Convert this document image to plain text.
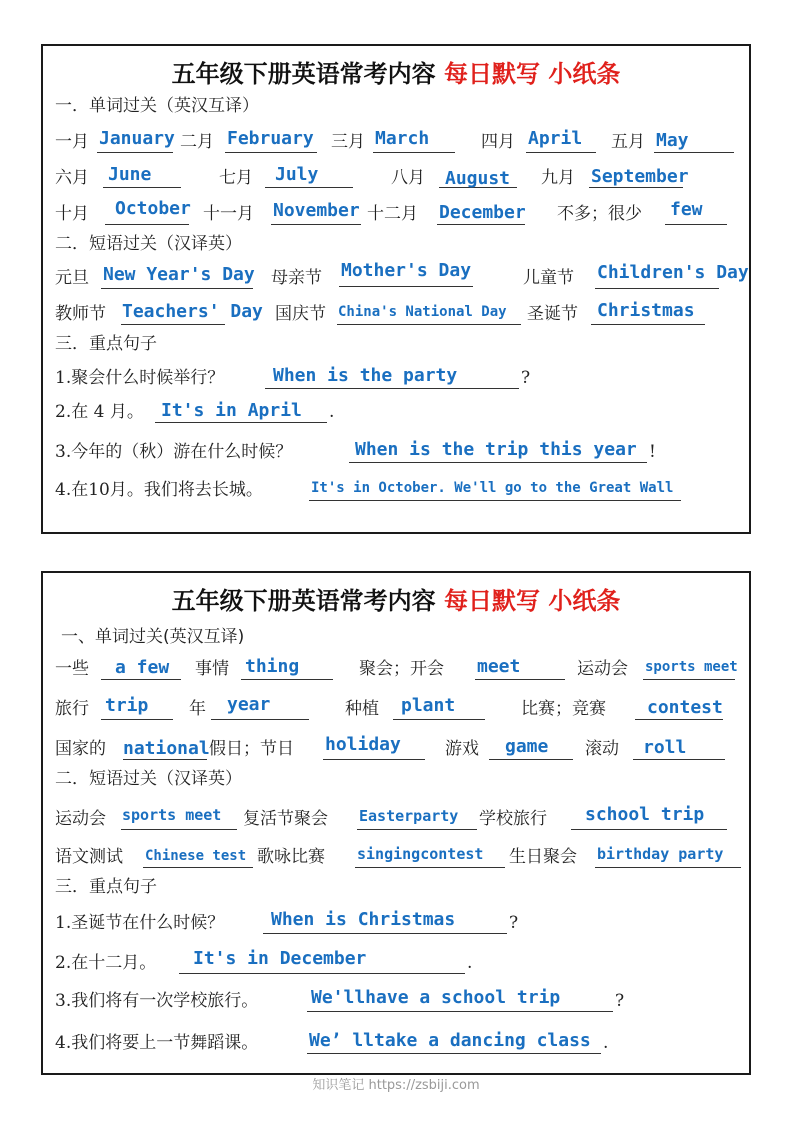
五年级下册英语常考内容 每日默写 小纸条
一．单词过关（英汉互译）
一月 January 二月 February 三月 March	四月 April 五月 May
六月 June	七月 July	八月 August 九月 September
十月 October 十一月 November 十二月 December 不多；很少 few
二．短语过关（汉译英）
元旦 New Year's Day 母亲节 Mother's Day	儿童节 Children's Day
教师节 Teachers' Day 国庆节 China's National Day 圣诞节 Christmas
三．重点句子
1.聚会什么时候举行？	When is the party	?
2.在 4 月。 It's in April .
3.今年的（秋）游在什么时候？	When is the trip this year !
4.在10月。我们将去长城。	It's in October. We'll go to the Great Wall
五年级下册英语常考内容 每日默写 小纸条
一、单词过关(英汉互译)
一些 a few 事情 thing	聚会；开会 meet	运动会 sports meet
旅行 trip 年 year	种植 plant	比赛；竞赛 contest
国家的 national 假日；节日 holiday	游戏 game 滚动 roll
二．短语过关（汉译英）
运动会 sports meet 复活节聚会 Easterparty 学校旅行 school trip
语文测试 Chinese test 歌咏比赛 singingcontest 生日聚会 birthday party
三．重点句子
1.圣诞节在什么时候？	When is Christmas	?
2.在十二月。 It's in December	.
3.我们将有一次学校旅行。	We'llhave a school trip	?
4.我们将要上一节舞蹈课。	We’ lltake a dancing class .
知识笔记 https://zsbiji.com
